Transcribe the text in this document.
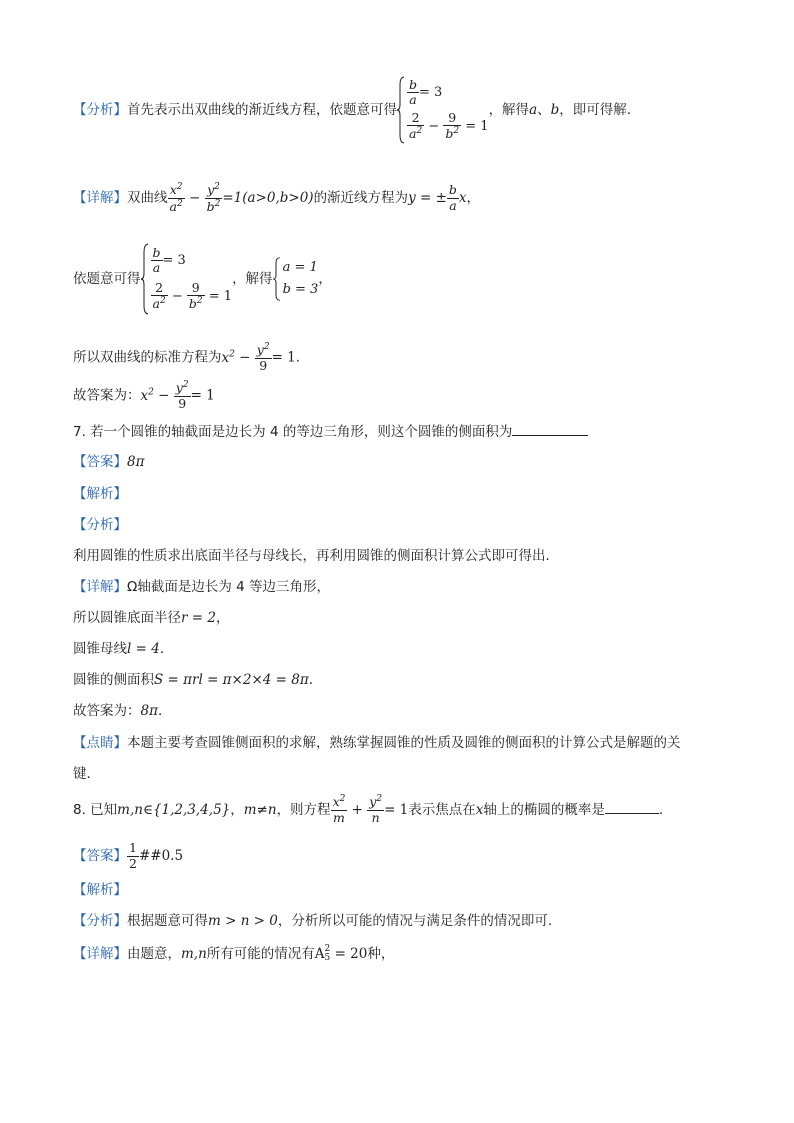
【分析】首先表示出双曲线的渐近线方程，依题意可得
$\frac{b}{a} = 3$
$\frac{2}{a^2} - \frac{9}{b^2} = 1$
，解得a、b，即可得解.
【详解】双曲线 $\frac{x^2}{a^2} - \frac{y^2}{b^2} =1(a>0,b>0)$的渐近线方程为y = ± $\frac{b}{a}$ x，
依题意可得
$\frac{b}{a} = 3$
$\frac{2}{a^2} - \frac{9}{b^2} = 1$
，解得
a = 1
b = 3
，
所以双曲线的标准方程为$x^2 - \frac{y^2}{9} = 1$.
故答案为：$x^2 - \frac{y^2}{9} = 1$
7. 若一个圆锥的轴截面是边长为 4 的等边三角形，则这个圆锥的侧面积为
【答案】8π
【解析】
【分析】
利用圆锥的性质求出底面半径与母线长，再利用圆锥的侧面积计算公式即可得出．
【详解】Ω轴截面是边长为 4 等边三角形，
所以圆锥底面半径r = 2，
圆锥母线l = 4．
圆锥的侧面积S = πrl = π×2×4 = 8π．
故答案为：8π．
【点睛】本题主要考查圆锥侧面积的求解，熟练掌握圆锥的性质及圆锥的侧面积的计算公式是解题的关
键．
8. 已知m,n∈{1,2,3,4,5}，m≠n，则方程 $\frac{x^2}{m} + \frac{y^2}{n} = 1$表示焦点在x轴上的椭圆的概率是	.
【答案】 $\frac{1}{2}$ ##0.5
【解析】
【分析】根据题意可得m > n > 0，分析所以可能的情况与满足条件的情况即可.
【详解】由题意，m,n所有可能的情况有A 2
5 = 20种，
